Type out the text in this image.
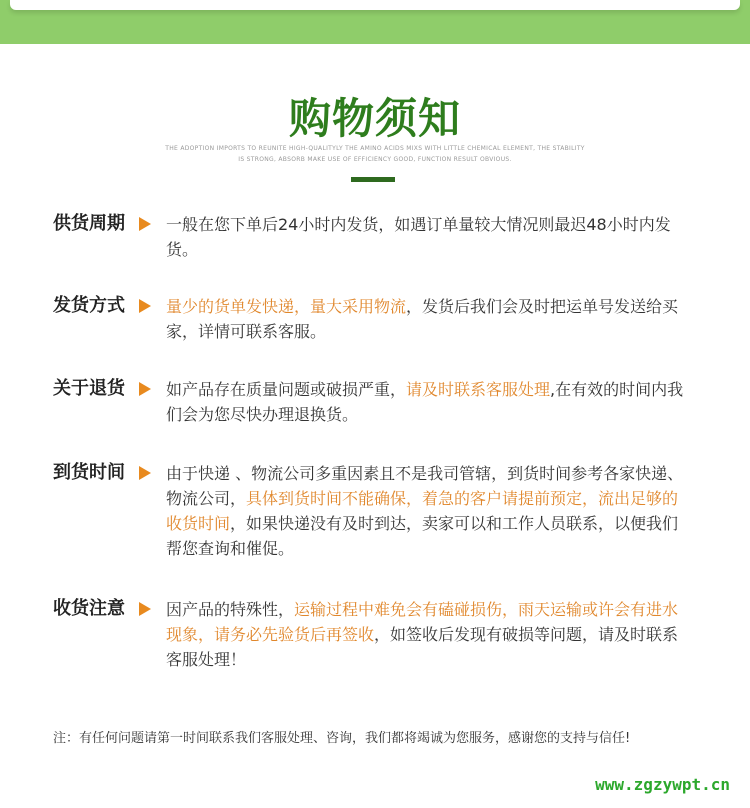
购物须知
THE ADOPTION IMPORTS TO REUNITE HIGH-QUALITYLY THE AMINO ACIDS MIXS WITH LITTLE CHEMICAL ELEMENT, THE STABILITY
IS STRONG, ABSORB MAKE USE OF EFFICIENCY GOOD, FUNCTION RESULT OBVIOUS.
供货周期	一般在您下单后24小时内发货，如遇订单量较大情况则最迟48小时内发货。
发货方式	量少的货单发快递，量大采用物流，发货后我们会及时把运单号发送给买家，详情可联系客服。
关于退货	如产品存在质量问题或破损严重，请及时联系客服处理,在有效的时间内我们会为您尽快办理退换货。
到货时间	由于快递 、物流公司多重因素且不是我司管辖，到货时间参考各家快递、物流公司，具体到货时间不能确保，着急的客户请提前预定，流出足够的收货时间，如果快递没有及时到达，卖家可以和工作人员联系，以便我们帮您查询和催促。
收货注意	因产品的特殊性，运输过程中难免会有磕碰损伤，雨天运输或许会有进水现象，请务必先验货后再签收，如签收后发现有破损等问题，请及时联系客服处理！
注：有任何问题请第一时间联系我们客服处理、咨询，我们都将竭诚为您服务，感谢您的支持与信任!
www.zgzywpt.cn
